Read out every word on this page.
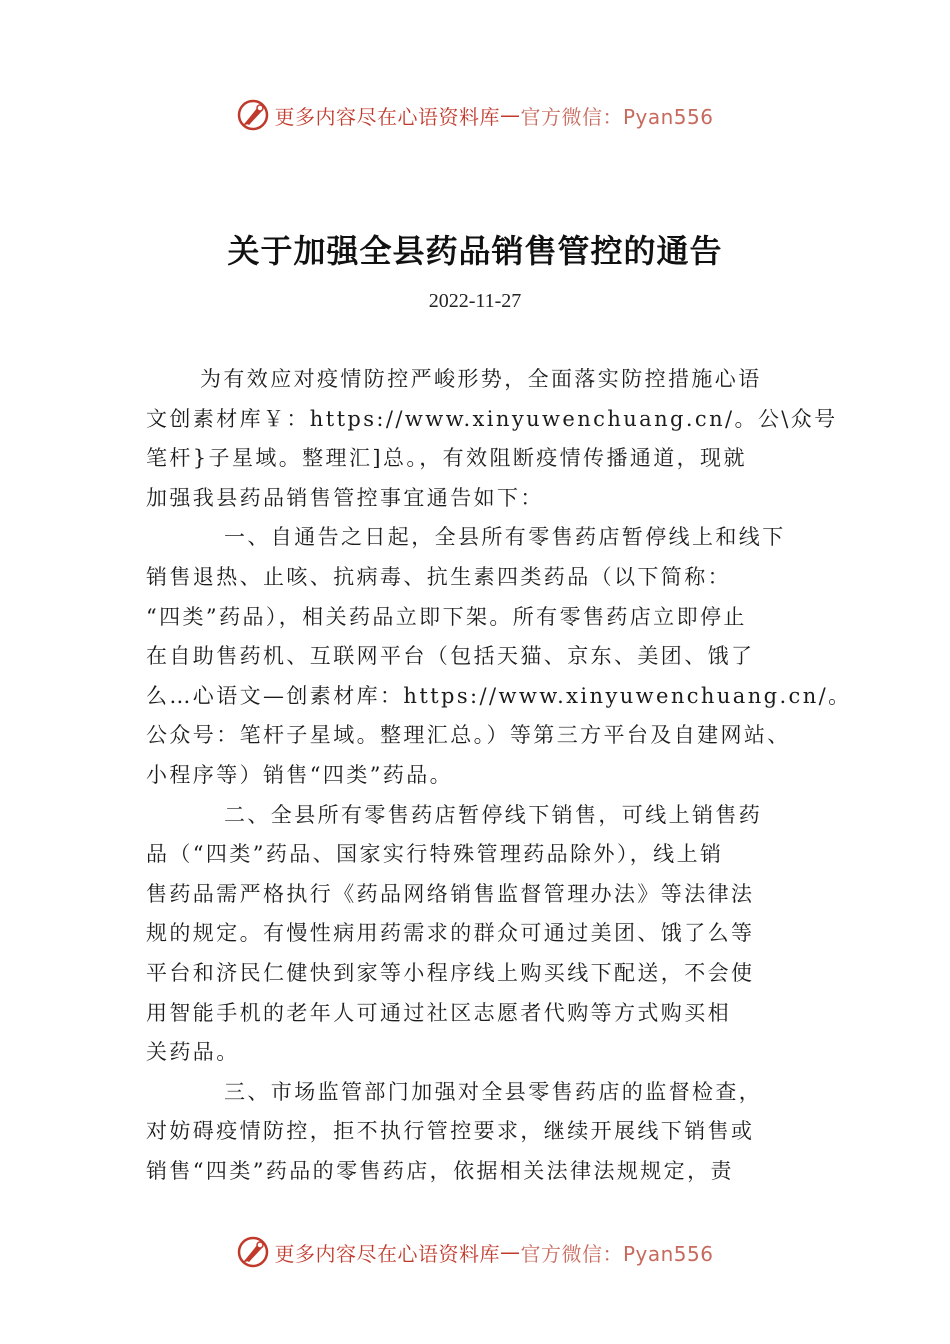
更多内容尽在心语资料库 — 官方微信：Pyan556
关于加强全县药品销售管控的通告
2022-11-27
为有效应对疫情防控严峻形势，全面落实防控措施心语
文创素材库￥：https://www.xinyuwenchuang.cn/。公\众号
笔杆}子星域。整理汇]总。，有效阻断疫情传播通道，现就
加强我县药品销售管控事宜通告如下：
一、自通告之日起，全县所有零售药店暂停线上和线下
销售退热、止咳、抗病毒、抗生素四类药品（以下简称：
“四类”药品），相关药品立即下架。所有零售药店立即停止
在自助售药机、互联网平台（包括天猫、京东、美团、饿了
么…心语文—创素材库：https://www.xinyuwenchuang.cn/。
公众号：笔杆子星域。整理汇总。）等第三方平台及自建网站、
小程序等）销售“四类”药品。
二、全县所有零售药店暂停线下销售，可线上销售药
品（“四类”药品、国家实行特殊管理药品除外），线上销
售药品需严格执行《药品网络销售监督管理办法》等法律法
规的规定。有慢性病用药需求的群众可通过美团、饿了么等
平台和济民仁健快到家等小程序线上购买线下配送，不会使
用智能手机的老年人可通过社区志愿者代购等方式购买相
关药品。
三、市场监管部门加强对全县零售药店的监督检查，
对妨碍疫情防控，拒不执行管控要求，继续开展线下销售或
销售“四类”药品的零售药店，依据相关法律法规规定，责
更多内容尽在心语资料库 — 官方微信：Pyan556
